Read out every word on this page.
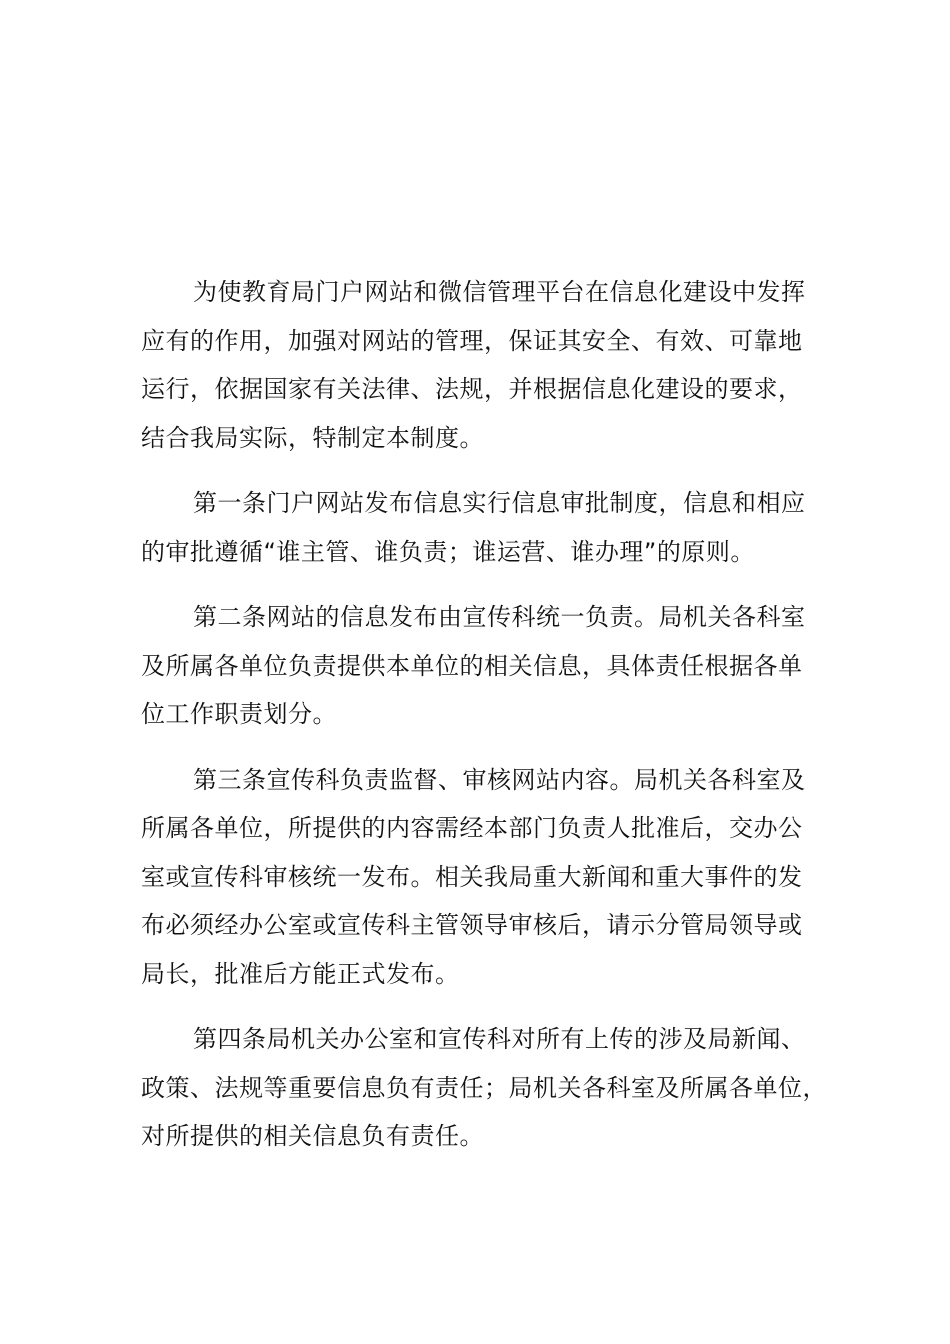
为使教育局门户网站和微信管理平台在信息化建设中发挥
应有的作用，加强对网站的管理，保证其安全、有效、可靠地
运行，依据国家有关法律、法规，并根据信息化建设的要求，
结合我局实际，特制定本制度。

第一条门户网站发布信息实行信息审批制度，信息和相应
的审批遵循“谁主管、谁负责；谁运营、谁办理”的原则。

第二条网站的信息发布由宣传科统一负责。局机关各科室
及所属各单位负责提供本单位的相关信息，具体责任根据各单
位工作职责划分。

第三条宣传科负责监督、审核网站内容。局机关各科室及
所属各单位，所提供的内容需经本部门负责人批准后，交办公
室或宣传科审核统一发布。相关我局重大新闻和重大事件的发
布必须经办公室或宣传科主管领导审核后，请示分管局领导或
局长，批准后方能正式发布。

第四条局机关办公室和宣传科对所有上传的涉及局新闻、
政策、法规等重要信息负有责任；局机关各科室及所属各单位，
对所提供的相关信息负有责任。
